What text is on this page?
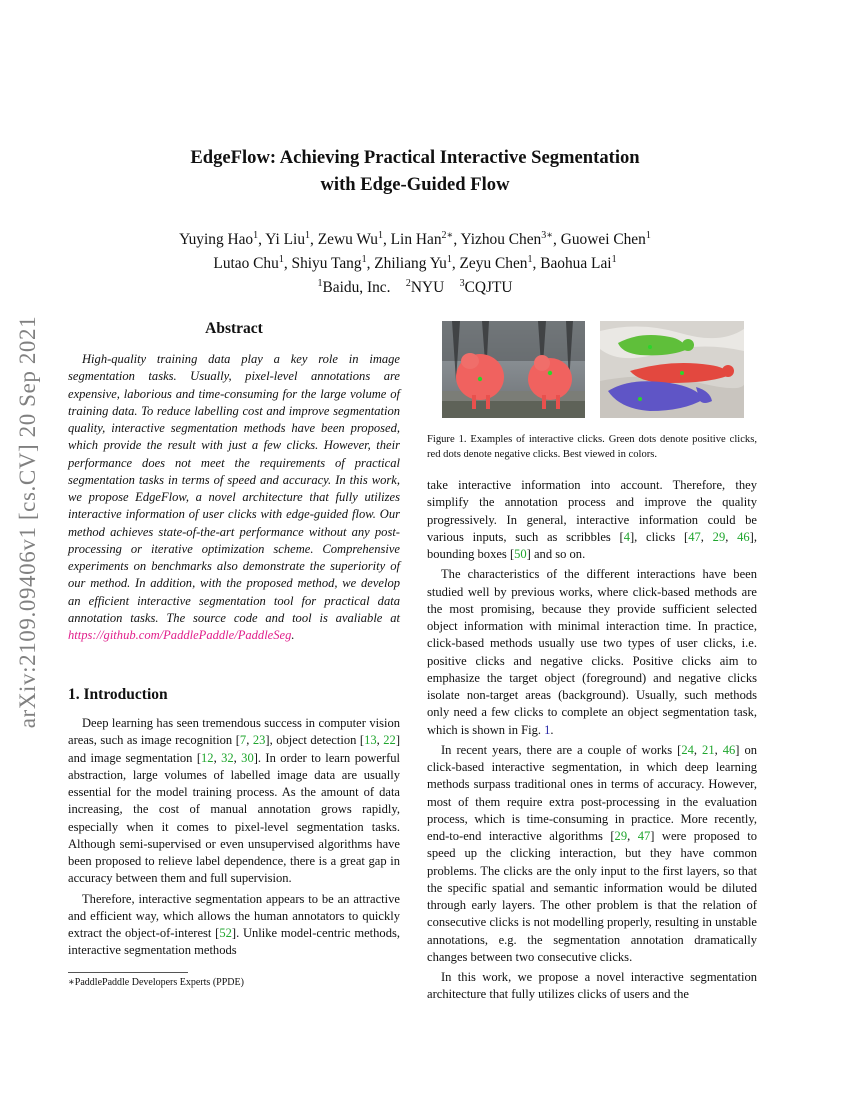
arXiv:2109.09406v1 [cs.CV] 20 Sep 2021
EdgeFlow: Achieving Practical Interactive Segmentation
with Edge-Guided Flow
Yuying Hao$^1$, Yi Liu$^1$, Zewu Wu$^1$, Lin Han$^{2∗}$, Yizhou Chen$^{3∗}$, Guowei Chen$^1$
Lutao Chu$^1$, Shiyu Tang$^1$, Zhiliang Yu$^1$, Zeyu Chen$^1$, Baohua Lai$^1$
$^1$Baidu, Inc. $^2$NYU $^3$CQJTU
Abstract

High-quality training data play a key role in image segmentation tasks. Usually, pixel-level annotations are expensive, laborious and time-consuming for the large volume of training data. To reduce labelling cost and improve segmentation quality, interactive segmentation methods have been proposed, which provide the result with just a few clicks. However, their performance does not meet the requirements of practical segmentation tasks in terms of speed and accuracy. In this work, we propose EdgeFlow, a novel architecture that fully utilizes interactive information of user clicks with edge-guided flow. Our method achieves state-of-the-art performance without any post-processing or iterative optimization scheme. Comprehensive experiments on benchmarks also demonstrate the superiority of our method. In addition, with the proposed method, we develop an efficient interactive segmentation tool for practical data annotation tasks. The source code and tool is avaliable at https://github.com/PaddlePaddle/PaddleSeg.

1. Introduction

Deep learning has seen tremendous success in computer vision areas, such as image recognition [7, 23], object detection [13, 22] and image segmentation [12, 32, 30]. In order to learn powerful abstraction, large volumes of labelled image data are usually essential for the model training process. As the amount of data increasing, the cost of manual annotation grows rapidly, especially when it comes to pixel-level segmentation tasks. Although semi-supervised or even unsupervised algorithms have been proposed to relieve label dependence, there is a great gap in accuracy between them and full supervision.

Therefore, interactive segmentation appears to be an attractive and efficient way, which allows the human annotators to quickly extract the object-of-interest [52]. Unlike model-centric methods, interactive segmentation methods

∗PaddlePaddle Developers Experts (PPDE)

Figure 1. Examples of interactive clicks. Green dots denote positive clicks, red dots denote negative clicks. Best viewed in colors.

take interactive information into account. Therefore, they simplify the annotation process and improve the quality progressively. In general, interactive information could be various inputs, such as scribbles [4], clicks [47, 29, 46], bounding boxes [50] and so on.

The characteristics of the different interactions have been studied well by previous works, where click-based methods are the most promising, because they provide sufficient selected object information with minimal interaction time. In practice, click-based methods usually use two types of user clicks, i.e. positive clicks and negative clicks. Positive clicks aim to emphasize the target object (foreground) and negative clicks isolate non-target areas (background). Usually, such methods only need a few clicks to complete an object segmentation task, which is shown in Fig. 1.

In recent years, there are a couple of works [24, 21, 46] on click-based interactive segmentation, in which deep learning methods surpass traditional ones in terms of accuracy. However, most of them require extra post-processing in the evaluation process, which is time-consuming in practice. More recently, end-to-end interactive algorithms [29, 47] were proposed to speed up the clicking interaction, but they have common problems. The clicks are the only input to the first layers, so that the specific spatial and semantic information would be diluted through early layers. The other problem is that the relation of consecutive clicks is not modelling properly, resulting in unstable annotations, e.g. the segmentation annotation dramatically changes between two consecutive clicks.

In this work, we propose a novel interactive segmentation architecture that fully utilizes clicks of users and the
